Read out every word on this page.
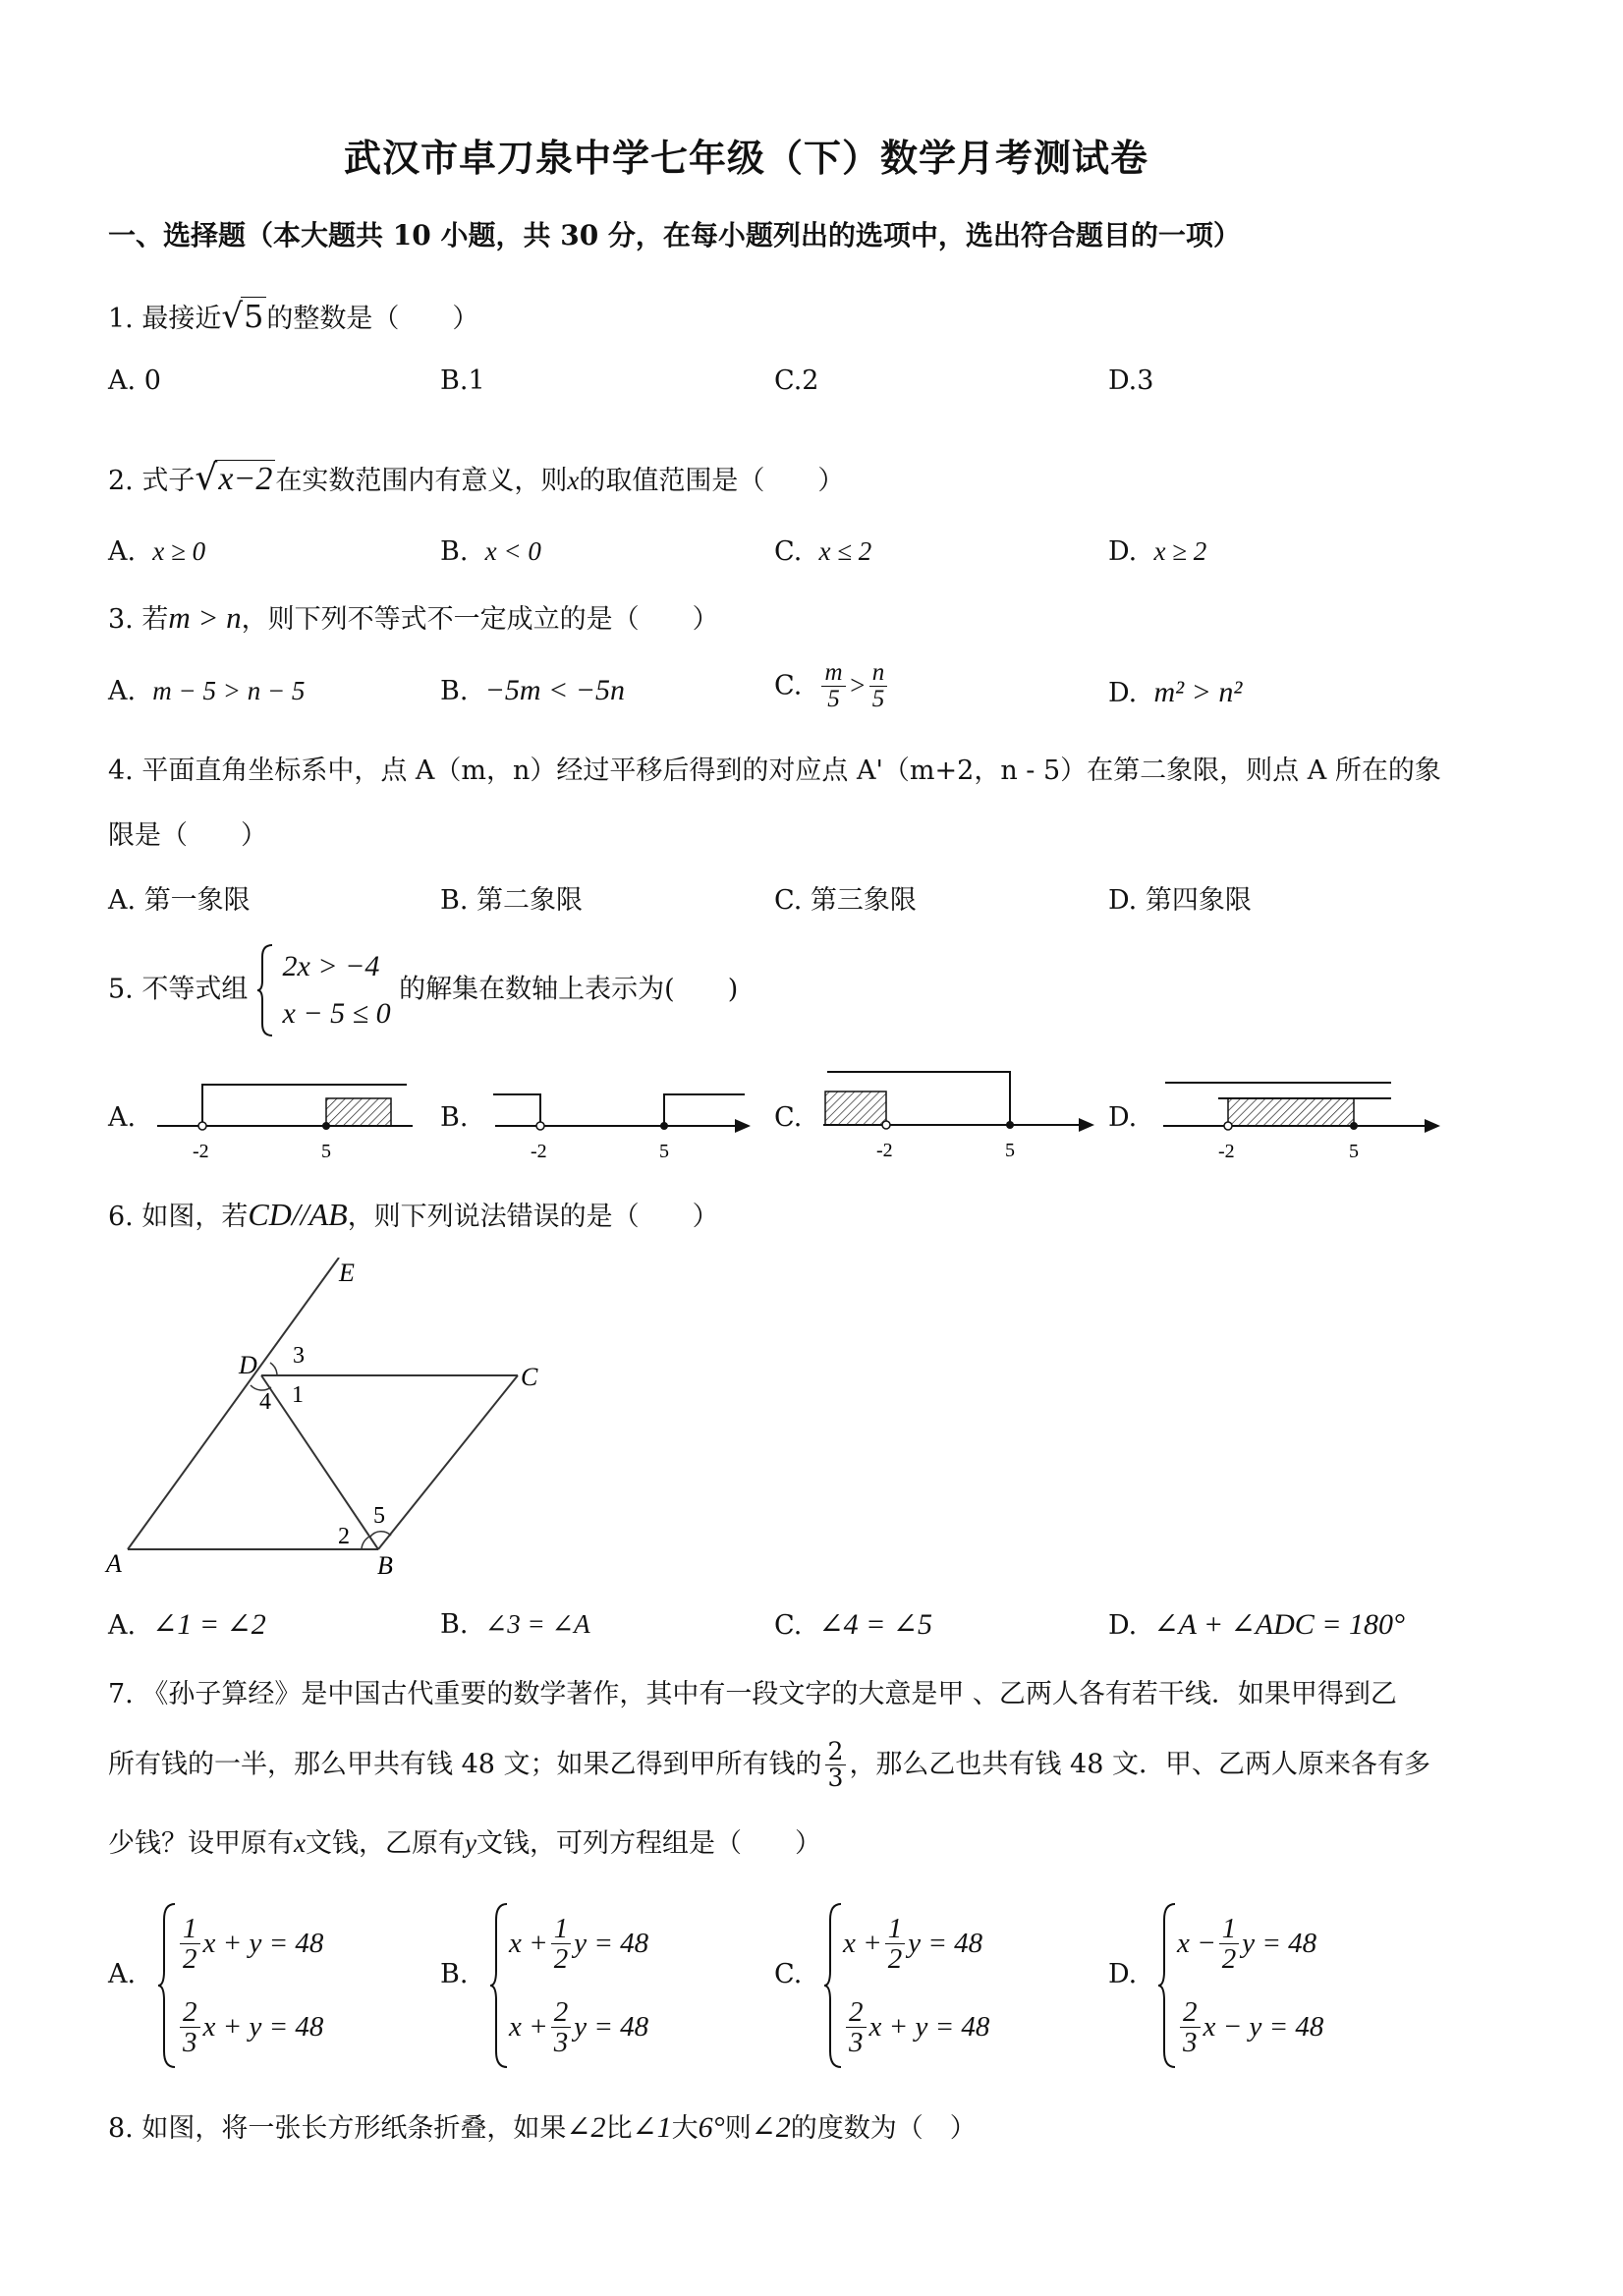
武汉市卓刀泉中学七年级（下）数学月考测试卷
一、选择题（本大题共 10 小题，共 30 分，在每小题列出的选项中，选出符合题目的一项）
1. 最接近√5 的整数是（　　）
A. 0	B.1	C.2	D.3
2. 式子√x−2 在实数范围内有意义，则x的取值范围是（　　）
A. x ≥ 0	B. x < 0	C. x ≤ 2	D. x ≥ 2
3. 若m > n，则下列不等式不一定成立的是（　　）
A. m − 5 > n − 5	B. −5m < −5n	C. $\frac{m}{5} > \frac{n}{5}$	D. m² > n²
4. 平面直角坐标系中，点 A（m，n）经过平移后得到的对应点 A'（m+2，n - 5）在第二象限，则点 A 所在的象
限是（　　）
A. 第一象限	B. 第二象限	C. 第三象限	D. 第四象限
5. 不等式组
2x > −4
x − 5 ≤ 0
的解集在数轴上表示为(　　)
A.
-2	5
B.
-2	5
C.
-2	5
D.
-2	5
6. 如图，若CD//AB，则下列说法错误的是（　　）
E
D	C
A	B
3
1
4
2
5
A. ∠1 = ∠2	B. ∠3 = ∠A	C. ∠4 = ∠5	D. ∠A + ∠ADC = 180°
7. 《孙子算经》是中国古代重要的数学著作，其中有一段文字的大意是甲 、乙两人各有若干线．如果甲得到乙
所有钱的一半，那么甲共有钱 48 文；如果乙得到甲所有钱的 $\frac{2}{3}$ ，那么乙也共有钱 48 文．甲、乙两人原来各有多
少钱？设甲原有x文钱，乙原有y文钱，可列方程组是（　　）
A.
$\frac{1}{2}$ x + y = 48
$\frac{2}{3}$ x + y = 48
B.
$x + \frac{1}{2}$ y = 48
$x + \frac{2}{3}$ y = 48
C.
$x + \frac{1}{2}$ y = 48
$\frac{2}{3}$ x + y = 48
D.
$x - \frac{1}{2}$ y = 48
$\frac{2}{3}$ x − y = 48
8. 如图，将一张长方形纸条折叠，如果∠2比∠1大6°则∠2的度数为（　）
